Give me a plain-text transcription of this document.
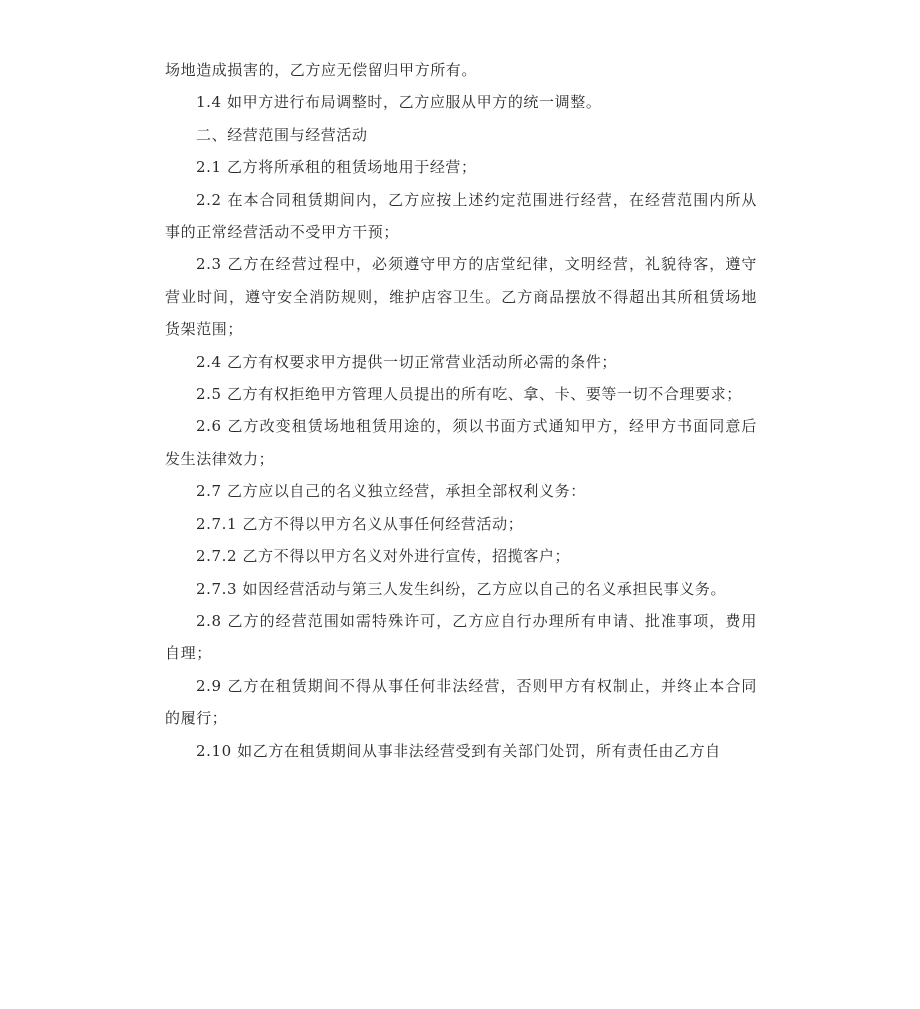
场地造成损害的，乙方应无偿留归甲方所有。

1.4 如甲方进行布局调整时，乙方应服从甲方的统一调整。

二、经营范围与经营活动

2.1 乙方将所承租的租赁场地用于经营；

2.2 在本合同租赁期间内，乙方应按上述约定范围进行经营，在经营范围内所从事的正常经营活动不受甲方干预；

2.3 乙方在经营过程中，必须遵守甲方的店堂纪律，文明经营，礼貌待客，遵守营业时间，遵守安全消防规则，维护店容卫生。乙方商品摆放不得超出其所租赁场地货架范围；

2.4 乙方有权要求甲方提供一切正常营业活动所必需的条件；

2.5 乙方有权拒绝甲方管理人员提出的所有吃、拿、卡、要等一切不合理要求；

2.6 乙方改变租赁场地租赁用途的，须以书面方式通知甲方，经甲方书面同意后发生法律效力；

2.7 乙方应以自己的名义独立经营，承担全部权利义务：

2.7.1 乙方不得以甲方名义从事任何经营活动；

2.7.2 乙方不得以甲方名义对外进行宣传，招揽客户；

2.7.3 如因经营活动与第三人发生纠纷，乙方应以自己的名义承担民事义务。

2.8 乙方的经营范围如需特殊许可，乙方应自行办理所有申请、批准事项，费用自理；

2.9 乙方在租赁期间不得从事任何非法经营，否则甲方有权制止，并终止本合同的履行；

2.10 如乙方在租赁期间从事非法经营受到有关部门处罚，所有责任由乙方自
